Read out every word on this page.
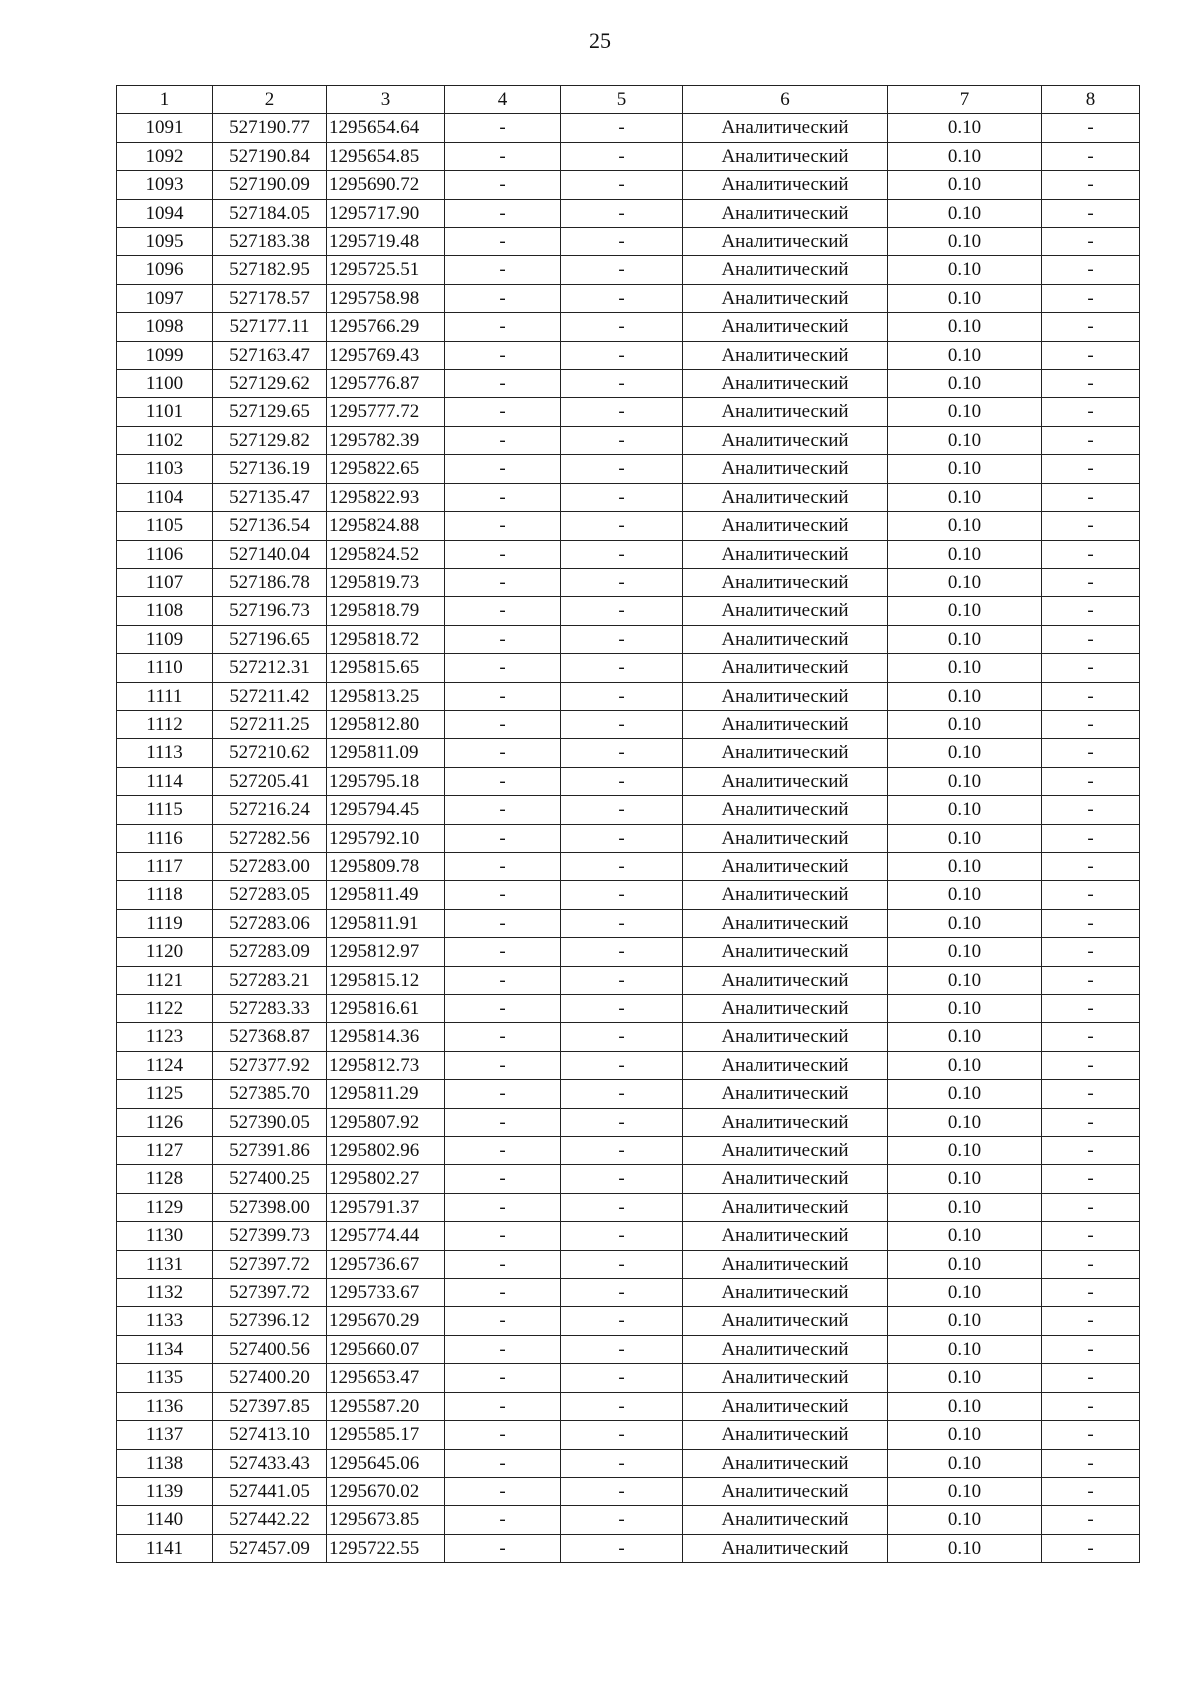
25
1	2	3	4	5	6	7	8
1091	527190.77	1295654.64	-	-	Аналитический	0.10	-
1092	527190.84	1295654.85	-	-	Аналитический	0.10	-
1093	527190.09	1295690.72	-	-	Аналитический	0.10	-
1094	527184.05	1295717.90	-	-	Аналитический	0.10	-
1095	527183.38	1295719.48	-	-	Аналитический	0.10	-
1096	527182.95	1295725.51	-	-	Аналитический	0.10	-
1097	527178.57	1295758.98	-	-	Аналитический	0.10	-
1098	527177.11	1295766.29	-	-	Аналитический	0.10	-
1099	527163.47	1295769.43	-	-	Аналитический	0.10	-
1100	527129.62	1295776.87	-	-	Аналитический	0.10	-
1101	527129.65	1295777.72	-	-	Аналитический	0.10	-
1102	527129.82	1295782.39	-	-	Аналитический	0.10	-
1103	527136.19	1295822.65	-	-	Аналитический	0.10	-
1104	527135.47	1295822.93	-	-	Аналитический	0.10	-
1105	527136.54	1295824.88	-	-	Аналитический	0.10	-
1106	527140.04	1295824.52	-	-	Аналитический	0.10	-
1107	527186.78	1295819.73	-	-	Аналитический	0.10	-
1108	527196.73	1295818.79	-	-	Аналитический	0.10	-
1109	527196.65	1295818.72	-	-	Аналитический	0.10	-
1110	527212.31	1295815.65	-	-	Аналитический	0.10	-
1111	527211.42	1295813.25	-	-	Аналитический	0.10	-
1112	527211.25	1295812.80	-	-	Аналитический	0.10	-
1113	527210.62	1295811.09	-	-	Аналитический	0.10	-
1114	527205.41	1295795.18	-	-	Аналитический	0.10	-
1115	527216.24	1295794.45	-	-	Аналитический	0.10	-
1116	527282.56	1295792.10	-	-	Аналитический	0.10	-
1117	527283.00	1295809.78	-	-	Аналитический	0.10	-
1118	527283.05	1295811.49	-	-	Аналитический	0.10	-
1119	527283.06	1295811.91	-	-	Аналитический	0.10	-
1120	527283.09	1295812.97	-	-	Аналитический	0.10	-
1121	527283.21	1295815.12	-	-	Аналитический	0.10	-
1122	527283.33	1295816.61	-	-	Аналитический	0.10	-
1123	527368.87	1295814.36	-	-	Аналитический	0.10	-
1124	527377.92	1295812.73	-	-	Аналитический	0.10	-
1125	527385.70	1295811.29	-	-	Аналитический	0.10	-
1126	527390.05	1295807.92	-	-	Аналитический	0.10	-
1127	527391.86	1295802.96	-	-	Аналитический	0.10	-
1128	527400.25	1295802.27	-	-	Аналитический	0.10	-
1129	527398.00	1295791.37	-	-	Аналитический	0.10	-
1130	527399.73	1295774.44	-	-	Аналитический	0.10	-
1131	527397.72	1295736.67	-	-	Аналитический	0.10	-
1132	527397.72	1295733.67	-	-	Аналитический	0.10	-
1133	527396.12	1295670.29	-	-	Аналитический	0.10	-
1134	527400.56	1295660.07	-	-	Аналитический	0.10	-
1135	527400.20	1295653.47	-	-	Аналитический	0.10	-
1136	527397.85	1295587.20	-	-	Аналитический	0.10	-
1137	527413.10	1295585.17	-	-	Аналитический	0.10	-
1138	527433.43	1295645.06	-	-	Аналитический	0.10	-
1139	527441.05	1295670.02	-	-	Аналитический	0.10	-
1140	527442.22	1295673.85	-	-	Аналитический	0.10	-
1141	527457.09	1295722.55	-	-	Аналитический	0.10	-
